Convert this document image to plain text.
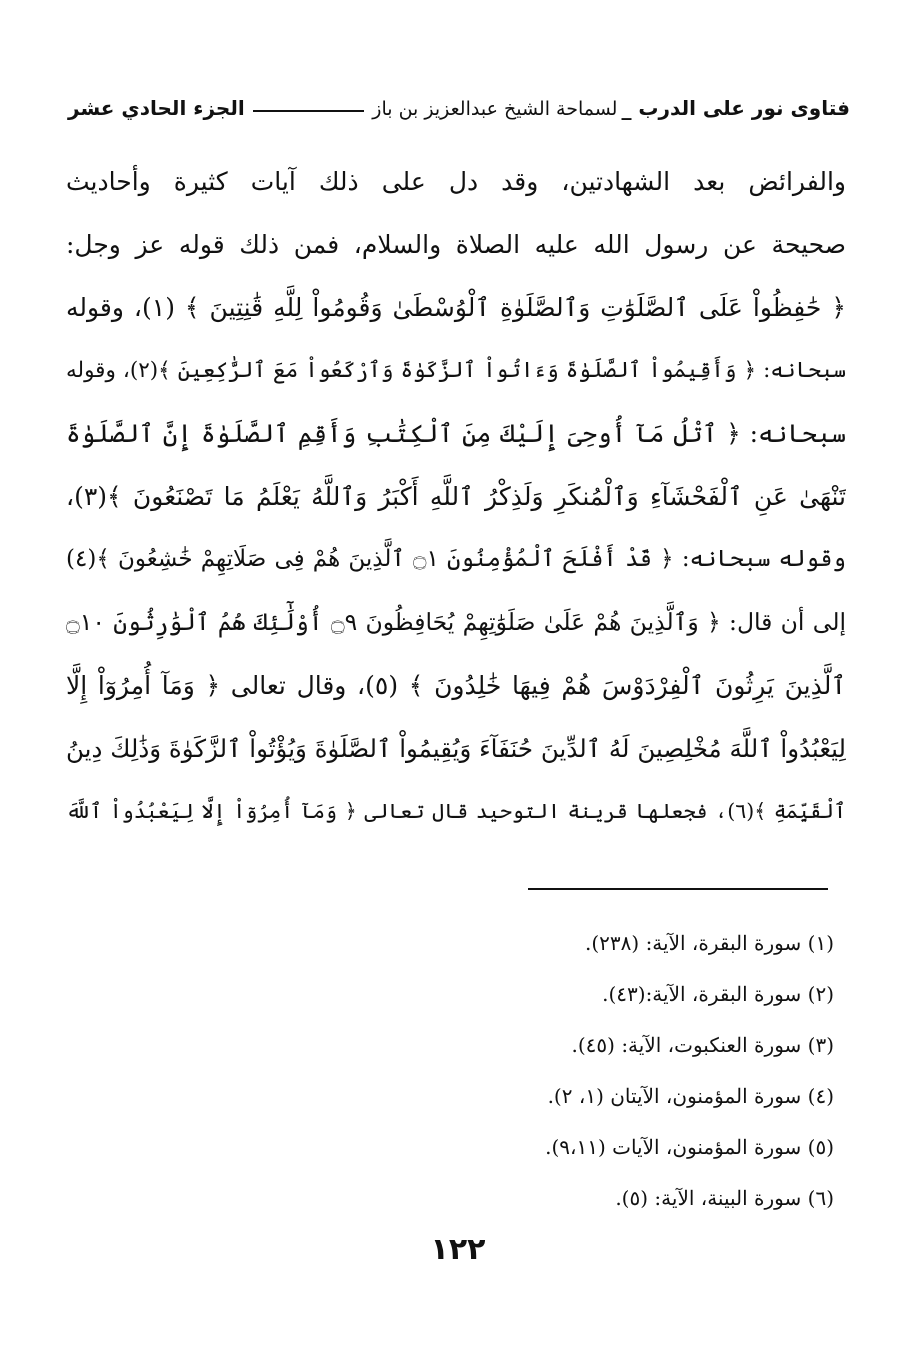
فتاوى نور على الدرب _
لسماحة الشيخ عبدالعزيز بن باز
الجزء الحادي عشر
والفرائض بعد الشهادتين، وقد دل على ذلك آيات كثيرة وأحاديث
صحيحة عن رسول الله عليه الصلاة والسلام، فمن ذلك قوله عز وجل:
﴿ حَٰفِظُواْ عَلَى ٱلصَّلَوَٰتِ وَٱلصَّلَوٰةِ ٱلْوُسْطَىٰ وَقُومُواْ لِلَّهِ قَٰنِتِينَ ﴾ (١)، وقوله
سبحانه: ﴿ وَأَقِيمُواْ ٱلصَّلَوٰةَ وَءَاتُواْ ٱلزَّكَوٰةَ وَٱرْكَعُواْ مَعَ ٱلرَّٰكِعِينَ ﴾(٢)، وقوله
سبحانه: ﴿ ٱتْلُ مَآ أُوحِىَ إِلَيْكَ مِنَ ٱلْكِتَٰبِ وَأَقِمِ ٱلصَّلَوٰةَ إِنَّ ٱلصَّلَوٰةَ
تَنْهَىٰ عَنِ ٱلْفَحْشَآءِ وَٱلْمُنكَرِ وَلَذِكْرُ ٱللَّهِ أَكْبَرُ وَٱللَّهُ يَعْلَمُ مَا تَصْنَعُونَ ﴾(٣)،
وقوله سبحانه: ﴿ قَدْ أَفْلَحَ ٱلْمُؤْمِنُونَ ۝١ ٱلَّذِينَ هُمْ فِى صَلَاتِهِمْ خَٰشِعُونَ ﴾(٤)
إلى أن قال: ﴿ وَٱلَّذِينَ هُمْ عَلَىٰ صَلَوَٰتِهِمْ يُحَافِظُونَ ۝٩ أُوْلَٰٓئِكَ هُمُ ٱلْوَٰرِثُونَ ۝١٠
ٱلَّذِينَ يَرِثُونَ ٱلْفِرْدَوْسَ هُمْ فِيهَا خَٰلِدُونَ ﴾ (٥)، وقال تعالى ﴿ وَمَآ أُمِرُوٓاْ إِلَّا
لِيَعْبُدُواْ ٱللَّهَ مُخْلِصِينَ لَهُ ٱلدِّينَ حُنَفَآءَ وَيُقِيمُواْ ٱلصَّلَوٰةَ وَيُؤْتُواْ ٱلزَّكَوٰةَ وَذَٰلِكَ دِينُ
ٱلْقَيِّمَةِ ﴾(٦)، فجعلها قرينة التوحيد قال تعالى ﴿ وَمَآ أُمِرُوٓاْ إِلَّا لِيَعْبُدُواْ ٱللَّهَ
(١) سورة البقرة، الآية: (٢٣٨).
(٢) سورة البقرة، الآية:(٤٣).
(٣) سورة العنكبوت، الآية: (٤٥).
(٤) سورة المؤمنون، الآيتان (١، ٢).
(٥) سورة المؤمنون، الآيات (٩،١١).
(٦) سورة البينة، الآية: (٥).
١٢٢
